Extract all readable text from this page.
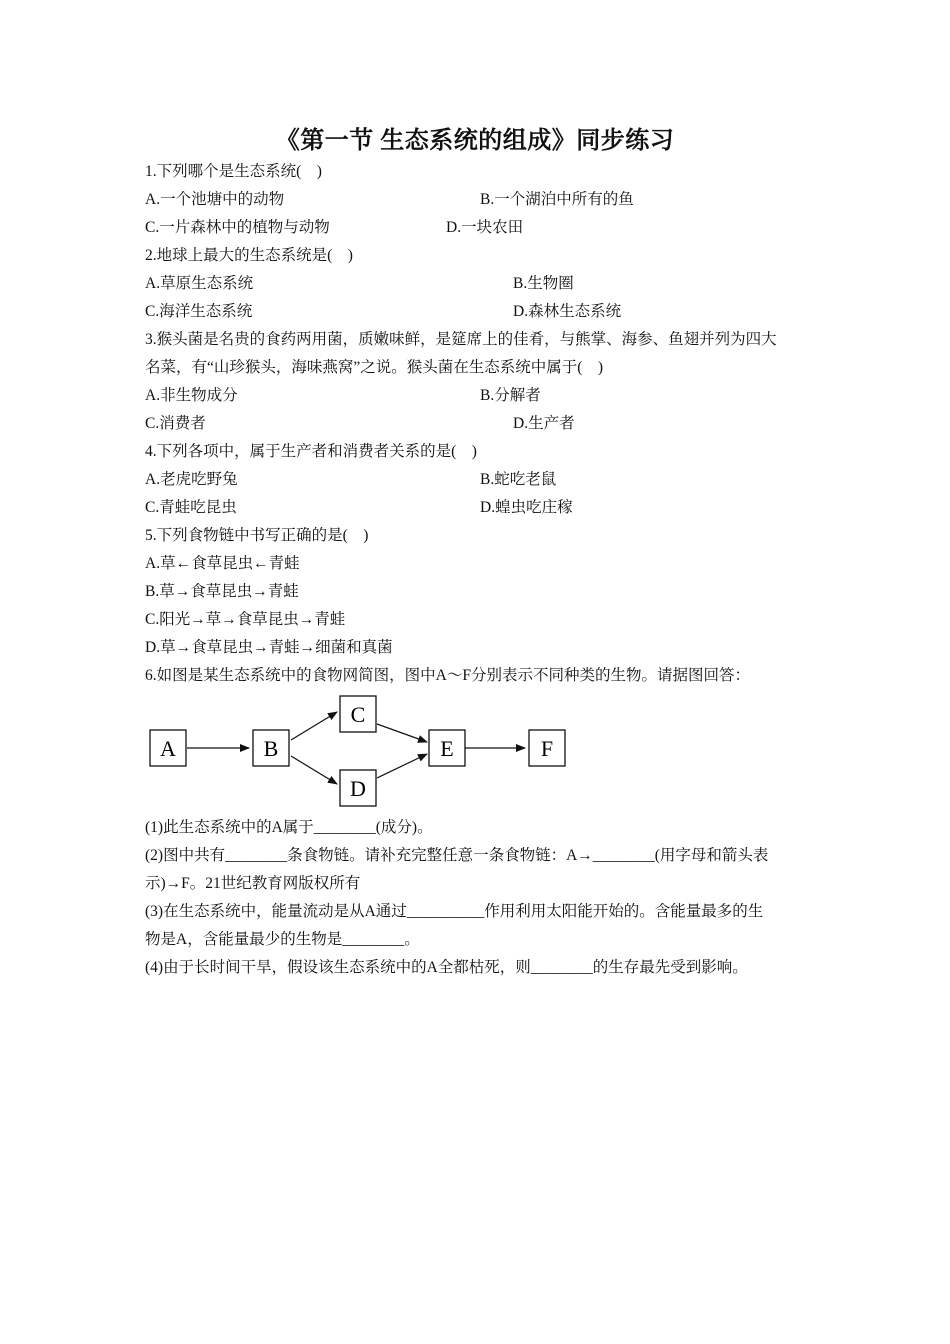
《第一节 生态系统的组成》同步练习
1.下列哪个是生态系统(　)
A.一个池塘中的动物	B.一个湖泊中所有的鱼
C.一片森林中的植物与动物	D.一块农田
2.地球上最大的生态系统是(　)
A.草原生态系统	B.生物圈
C.海洋生态系统	D.森林生态系统
3.猴头菌是名贵的食药两用菌，质嫩味鲜，是筵席上的佳肴，与熊掌、海参、鱼翅并列为四大
名菜，有“山珍猴头，海味燕窝”之说。猴头菌在生态系统中属于(　)
A.非生物成分	B.分解者
C.消费者	D.生产者
4.下列各项中，属于生产者和消费者关系的是(　)
A.老虎吃野兔	B.蛇吃老鼠
C.青蛙吃昆虫	D.蝗虫吃庄稼
5.下列食物链中书写正确的是(　)
A.草←食草昆虫←青蛙
B.草→食草昆虫→青蛙
C.阳光→草→食草昆虫→青蛙
D.草→食草昆虫→青蛙→细菌和真菌
6.如图是某生态系统中的食物网简图，图中A～F分别表示不同种类的生物。请据图回答：
A	B
C
D
E	F
(1)此生态系统中的A属于________(成分)。
(2)图中共有________条食物链。请补充完整任意一条食物链：A→________(用字母和箭头表
示)→F。21世纪教育网版权所有
(3)在生态系统中，能量流动是从A通过__________作用利用太阳能开始的。含能量最多的生
物是A，含能量最少的生物是________。
(4)由于长时间干旱，假设该生态系统中的A全都枯死，则________的生存最先受到影响。
